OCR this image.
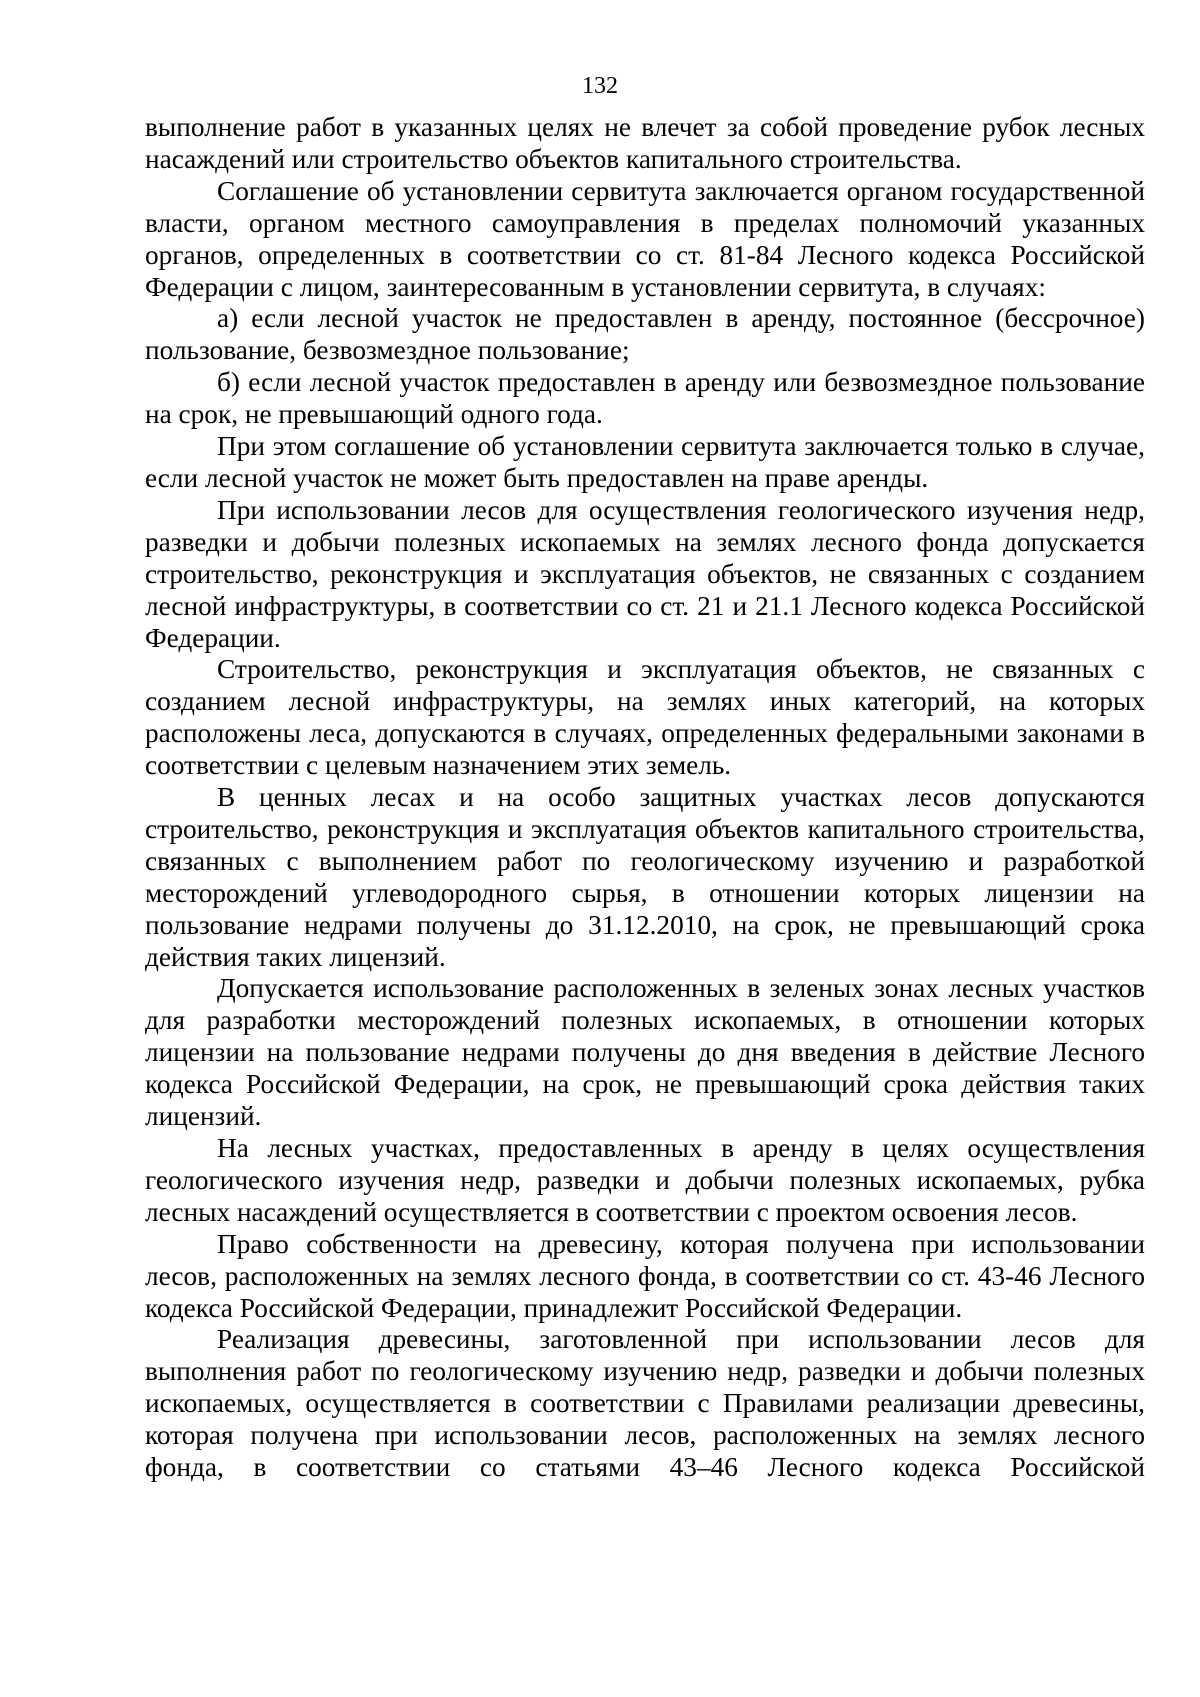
132

выполнение работ в указанных целях не влечет за собой проведение рубок лесных насаждений или строительство объектов капитального строительства.

Соглашение об установлении сервитута заключается органом государственной власти, органом местного самоуправления в пределах полномочий указанных органов, определенных в соответствии со ст. 81-84 Лесного кодекса Российской Федерации с лицом, заинтересованным в установлении сервитута, в случаях:

а) если лесной участок не предоставлен в аренду, постоянное (бессрочное) пользование, безвозмездное пользование;

б) если лесной участок предоставлен в аренду или безвозмездное пользование на срок, не превышающий одного года.

При этом соглашение об установлении сервитута заключается только в случае, если лесной участок не может быть предоставлен на праве аренды.

При использовании лесов для осуществления геологического изучения недр, разведки и добычи полезных ископаемых на землях лесного фонда допускается строительство, реконструкция и эксплуатация объектов, не связанных с созданием лесной инфраструктуры, в соответствии со ст. 21 и 21.1 Лесного кодекса Российской Федерации.

Строительство, реконструкция и эксплуатация объектов, не связанных с созданием лесной инфраструктуры, на землях иных категорий, на которых расположены леса, допускаются в случаях, определенных федеральными законами в соответствии с целевым назначением этих земель.

В ценных лесах и на особо защитных участках лесов допускаются строительство, реконструкция и эксплуатация объектов капитального строительства, связанных с выполнением работ по геологическому изучению и разработкой месторождений углеводородного сырья, в отношении которых лицензии на пользование недрами получены до 31.12.2010, на срок, не превышающий срока действия таких лицензий.

Допускается использование расположенных в зеленых зонах лесных участков для разработки месторождений полезных ископаемых, в отношении которых лицензии на пользование недрами получены до дня введения в действие Лесного кодекса Российской Федерации, на срок, не превышающий срока действия таких лицензий.

На лесных участках, предоставленных в аренду в целях осуществления геологического изучения недр, разведки и добычи полезных ископаемых, рубка лесных насаждений осуществляется в соответствии с проектом освоения лесов.

Право собственности на древесину, которая получена при использовании лесов, расположенных на землях лесного фонда, в соответствии со ст. 43-46 Лесного кодекса Российской Федерации, принадлежит Российской Федерации.

Реализация древесины, заготовленной при использовании лесов для выполнения работ по геологическому изучению недр, разведки и добычи полезных ископаемых, осуществляется в соответствии с Правилами реализации древесины, которая получена при использовании лесов, расположенных на землях лесного фонда, в соответствии со статьями 43–46 Лесного кодекса Российской
